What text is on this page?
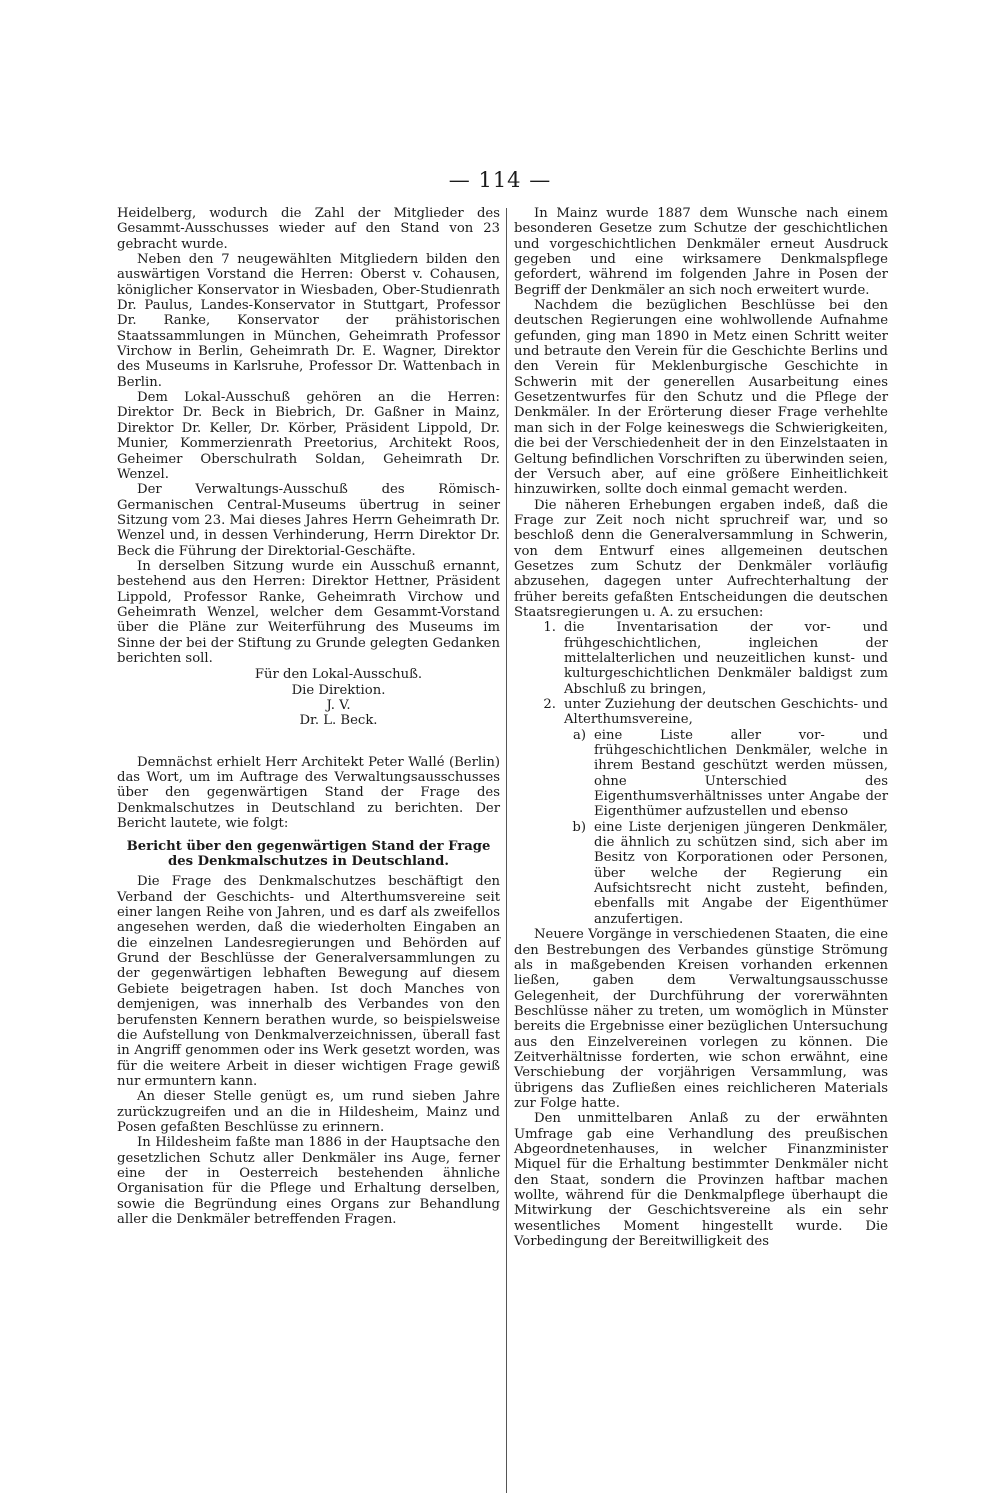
— 114 —

Heidelberg, wodurch die Zahl der Mitglieder des Gesammt-Ausschusses wieder auf den Stand von 23 gebracht wurde.

Neben den 7 neugewählten Mitgliedern bilden den auswärtigen Vorstand die Herren: Oberst v. Cohausen, königlicher Konservator in Wiesbaden, Ober-Studienrath Dr. Paulus, Landes-Konservator in Stuttgart, Professor Dr. Ranke, Konservator der prähistorischen Staatssammlungen in München, Geheimrath Professor Virchow in Berlin, Geheimrath Dr. E. Wagner, Direktor des Museums in Karlsruhe, Professor Dr. Wattenbach in Berlin.

Dem Lokal-Ausschuß gehören an die Herren: Direktor Dr. Beck in Biebrich, Dr. Gaßner in Mainz, Direktor Dr. Keller, Dr. Körber, Präsident Lippold, Dr. Munier, Kommerzienrath Preetorius, Architekt Roos, Geheimer Oberschulrath Soldan, Geheimrath Dr. Wenzel.

Der Verwaltungs-Ausschuß des Römisch-Germanischen Central-Museums übertrug in seiner Sitzung vom 23. Mai dieses Jahres Herrn Geheimrath Dr. Wenzel und, in dessen Verhinderung, Herrn Direktor Dr. Beck die Führung der Direktorial-Geschäfte.

In derselben Sitzung wurde ein Ausschuß ernannt, bestehend aus den Herren: Direktor Hettner, Präsident Lippold, Professor Ranke, Geheimrath Virchow und Geheimrath Wenzel, welcher dem Gesammt-Vorstand über die Pläne zur Weiterführung des Museums im Sinne der bei der Stiftung zu Grunde gelegten Gedanken berichten soll.

Für den Lokal-Ausschuß.
Die Direktion.
J. V.
Dr. L. Beck.

Demnächst erhielt Herr Architekt Peter Wallé (Berlin) das Wort, um im Auftrage des Verwaltungsausschusses über den gegenwärtigen Stand der Frage des Denkmalschutzes in Deutschland zu berichten. Der Bericht lautete, wie folgt:

Bericht über den gegenwärtigen Stand der Frage des Denkmalschutzes in Deutschland.

Die Frage des Denkmalschutzes beschäftigt den Verband der Geschichts- und Alterthumsvereine seit einer langen Reihe von Jahren, und es darf als zweifellos angesehen werden, daß die wiederholten Eingaben an die einzelnen Landesregierungen und Behörden auf Grund der Beschlüsse der Generalversammlungen zu der gegenwärtigen lebhaften Bewegung auf diesem Gebiete beigetragen haben. Ist doch Manches von demjenigen, was innerhalb des Verbandes von den berufensten Kennern berathen wurde, so beispielsweise die Aufstellung von Denkmalverzeichnissen, überall fast in Angriff genommen oder ins Werk gesetzt worden, was für die weitere Arbeit in dieser wichtigen Frage gewiß nur ermuntern kann.

An dieser Stelle genügt es, um rund sieben Jahre zurückzugreifen und an die in Hildesheim, Mainz und Posen gefaßten Beschlüsse zu erinnern.

In Hildesheim faßte man 1886 in der Hauptsache den gesetzlichen Schutz aller Denkmäler ins Auge, ferner eine der in Oesterreich bestehenden ähnliche Organisation für die Pflege und Erhaltung derselben, sowie die Begründung eines Organs zur Behandlung aller die Denkmäler betreffenden Fragen.

In Mainz wurde 1887 dem Wunsche nach einem besonderen Gesetze zum Schutze der geschichtlichen und vorgeschichtlichen Denkmäler erneut Ausdruck gegeben und eine wirksamere Denkmalspflege gefordert, während im folgenden Jahre in Posen der Begriff der Denkmäler an sich noch erweitert wurde.

Nachdem die bezüglichen Beschlüsse bei den deutschen Regierungen eine wohlwollende Aufnahme gefunden, ging man 1890 in Metz einen Schritt weiter und betraute den Verein für die Geschichte Berlins und den Verein für Meklenburgische Geschichte in Schwerin mit der generellen Ausarbeitung eines Gesetzentwurfes für den Schutz und die Pflege der Denkmäler. In der Erörterung dieser Frage verhehlte man sich in der Folge keineswegs die Schwierigkeiten, die bei der Verschiedenheit der in den Einzelstaaten in Geltung befindlichen Vorschriften zu überwinden seien, der Versuch aber, auf eine größere Einheitlichkeit hinzuwirken, sollte doch einmal gemacht werden.

Die näheren Erhebungen ergaben indeß, daß die Frage zur Zeit noch nicht spruchreif war, und so beschloß denn die Generalversammlung in Schwerin, von dem Entwurf eines allgemeinen deutschen Gesetzes zum Schutz der Denkmäler vorläufig abzusehen, dagegen unter Aufrechterhaltung der früher bereits gefaßten Entscheidungen die deutschen Staatsregierungen u. A. zu ersuchen:

1. die Inventarisation der vor- und frühgeschichtlichen, ingleichen der mittelalterlichen und neuzeitlichen kunst- und kulturgeschichtlichen Denkmäler baldigst zum Abschluß zu bringen,
2. unter Zuziehung der deutschen Geschichts- und Alterthumsvereine,
a) eine Liste aller vor- und frühgeschichtlichen Denkmäler, welche in ihrem Bestand geschützt werden müssen, ohne Unterschied des Eigenthumsverhältnisses unter Angabe der Eigenthümer aufzustellen und ebenso
b) eine Liste derjenigen jüngeren Denkmäler, die ähnlich zu schützen sind, sich aber im Besitz von Korporationen oder Personen, über welche der Regierung ein Aufsichtsrecht nicht zusteht, befinden, ebenfalls mit Angabe der Eigenthümer anzufertigen.

Neuere Vorgänge in verschiedenen Staaten, die eine den Bestrebungen des Verbandes günstige Strömung als in maßgebenden Kreisen vorhanden erkennen ließen, gaben dem Verwaltungsausschusse Gelegenheit, der Durchführung der vorerwähnten Beschlüsse näher zu treten, um womöglich in Münster bereits die Ergebnisse einer bezüglichen Untersuchung aus den Einzelvereinen vorlegen zu können. Die Zeitverhältnisse forderten, wie schon erwähnt, eine Verschiebung der vorjährigen Versammlung, was übrigens das Zufließen eines reichlicheren Materials zur Folge hatte.

Den unmittelbaren Anlaß zu der erwähnten Umfrage gab eine Verhandlung des preußischen Abgeordnetenhauses, in welcher Finanzminister Miquel für die Erhaltung bestimmter Denkmäler nicht den Staat, sondern die Provinzen haftbar machen wollte, während für die Denkmalpflege überhaupt die Mitwirkung der Geschichtsvereine als ein sehr wesentliches Moment hingestellt wurde. Die Vorbedingung der Bereitwilligkeit des
